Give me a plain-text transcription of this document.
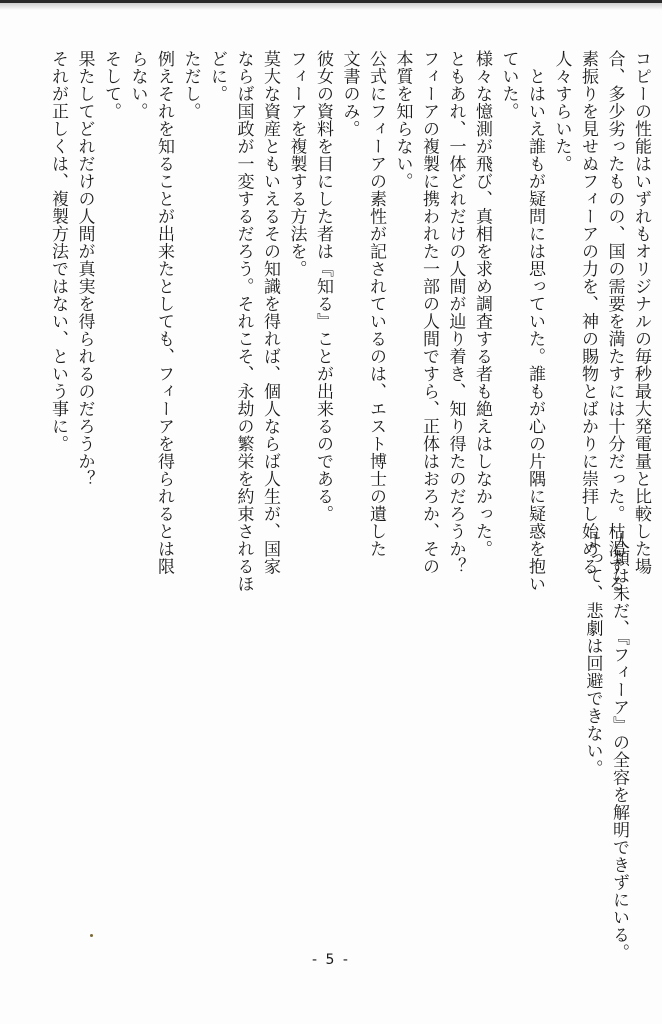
コピーの性能はいずれもオリジナルの毎秒最大発電量と比較した場

合、多少劣ったものの、国の需要を満たすには十分だった。枯渇する

素振りを見せぬフィーアの力を、神の賜物とばかりに崇拝し始める

人々すらいた。

　とはいえ誰もが疑問には思っていた。誰もが心の片隅に疑惑を抱い

ていた。

様々な憶測が飛び、真相を求め調査する者も絶えはしなかった。

ともあれ、一体どれだけの人間が辿り着き、知り得たのだろうか？

フィーアの複製に携われた一部の人間ですら、正体はおろか、その

本質を知らない。

公式にフィーアの素性が記されているのは、エスト博士の遺した

文書のみ。

彼女の資料を目にした者は『知る』ことが出来るのである。

フィーアを複製する方法を。

莫大な資産ともいえるその知識を得れば、個人ならば人生が、国家

ならば国政が一変するだろう。それこそ、永劫の繁栄を約束されるほ

どに。

ただし。

例えそれを知ることが出来たとしても、フィーアを得られるとは限

らない。

そして。

果たしてどれだけの人間が真実を得られるのだろうか？

それが正しくは、複製方法ではない、という事に。

人類は未だ、『フィーア』の全容を解明できずにいる。

よって、悲劇は回避できない。

- 5 -
